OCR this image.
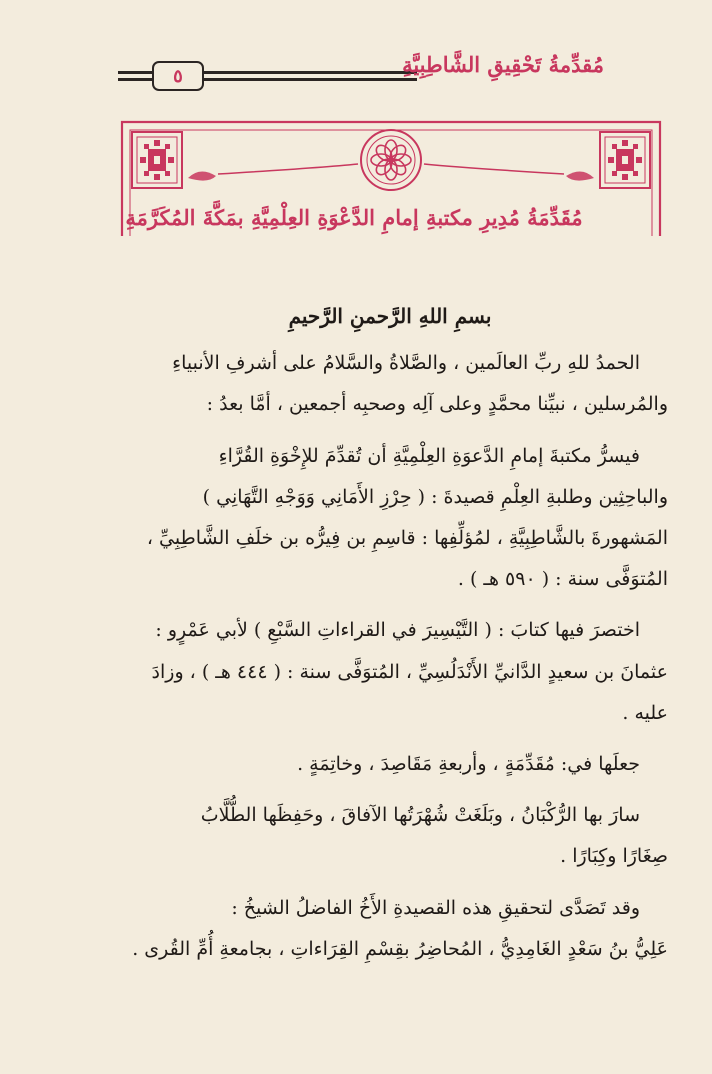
٥	مُقدِّمةُ تَحْقِيقِ الشَّاطِبِيَّةِ
مُقَدِّمَةُ مُدِيرِ مكتبةِ إمامِ الدَّعْوَةِ العِلْمِيَّةِ بمَكَّةَ المُكَرَّمَةِ

بسمِ اللهِ الرَّحمنِ الرَّحيمِ

الحمدُ للهِ ربِّ العالَمين ، والصَّلاةُ والسَّلامُ على أشرفِ الأنبياءِ

والمُرسلين ، نبيِّنا محمَّدٍ وعلى آلِه وصحبِه أجمعين ، أمَّا بعدُ :

فيسرُّ مكتبةَ إمامِ الدَّعوَةِ العِلْمِيَّةِ أن تُقدِّمَ للإِخْوَةِ القُرَّاءِ

والباحِثِين وطلبةِ العِلْمِ قصيدةَ : ( حِرْزِ الأَمَانِي وَوَجْهِ التَّهَانِي )

المَشهورةَ بالشَّاطِبِيَّةِ ، لمُؤلِّفِها : قاسِمِ بن فِيرُّه بن خلَفِ الشَّاطِبِيِّ ،

المُتوَفَّى سنة : ( ٥٩٠ هـ ) .

اختصرَ فيها كتابَ : ( التَّيْسِيرَ في القراءاتِ السَّبْعِ ) لأبي عَمْرٍو :

عثمانَ بن سعيدٍ الدَّانيِّ الأَنْدَلُسِيِّ ، المُتوَفَّى سنة : ( ٤٤٤ هـ ) ، وزادَ

عليه .

جعلَها في: مُقَدِّمَةٍ ، وأربعةِ مَقَاصِدَ ، وخاتِمَةٍ .

سارَ بها الرُّكْبَانُ ، وبَلَغَتْ شُهْرَتُها الآفاقَ ، وحَفِظَها الطُّلَّابُ

صِغَارًا وكِبَارًا .

وقد تَصَدَّى لتحقيقِ هذه القصيدةِ الأَخُ الفاضلُ الشيخُ :

عَلِيُّ بنُ سَعْدٍ الغَامِدِيُّ ، المُحاضِرُ بقِسْمِ القِرَاءاتِ ، بجامعةِ أُمِّ القُرى .
